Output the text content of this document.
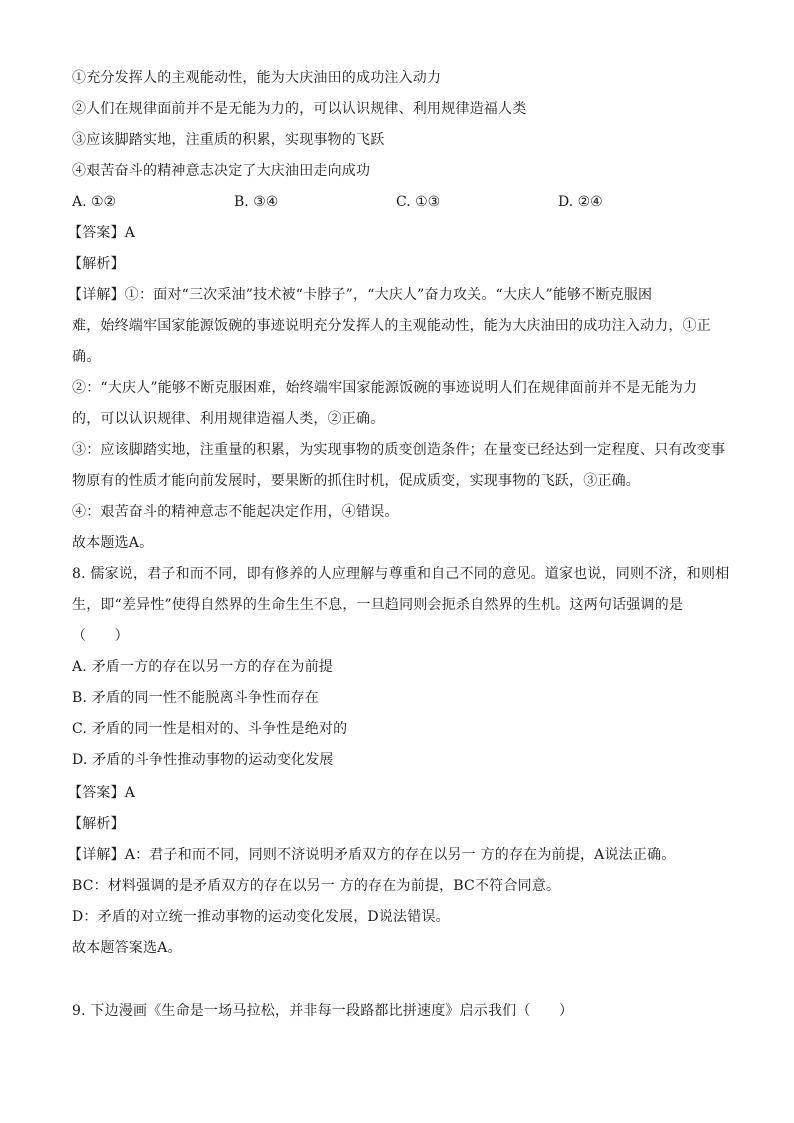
①充分发挥人的主观能动性，能为大庆油田的成功注入动力
②人们在规律面前并不是无能为力的，可以认识规律、利用规律造福人类
③应该脚踏实地，注重质的积累，实现事物的飞跃
④艰苦奋斗的精神意志决定了大庆油田走向成功
A. ①②	B. ③④	C. ①③	D. ②④
【答案】A
【解析】
【详解】①：面对“三次采油”技术被“卡脖子”，“大庆人”奋力攻关。“大庆人”能够不断克服困
难，始终端牢国家能源饭碗的事迹说明充分发挥人的主观能动性，能为大庆油田的成功注入动力，①正
确。
②：“大庆人”能够不断克服困难，始终端牢国家能源饭碗的事迹说明人们在规律面前并不是无能为力
的，可以认识规律、利用规律造福人类，②正确。
③：应该脚踏实地，注重量的积累，为实现事物的质变创造条件；在量变已经达到一定程度、只有改变事
物原有的性质才能向前发展时，要果断的抓住时机，促成质变，实现事物的飞跃，③正确。
④：艰苦奋斗的精神意志不能起决定作用，④错误。
故本题选A。
8. 儒家说，君子和而不同，即有修养的人应理解与尊重和自己不同的意见。道家也说，同则不济，和则相
生，即“差异性”使得自然界的生命生生不息，一旦趋同则会扼杀自然界的生机。这两句话强调的是
（　　）
A. 矛盾一方的存在以另一方的存在为前提
B. 矛盾的同一性不能脱离斗争性而存在
C. 矛盾的同一性是相对的、斗争性是绝对的
D. 矛盾的斗争性推动事物的运动变化发展
【答案】A
【解析】
【详解】A：君子和而不同，同则不济说明矛盾双方的存在以另一 方的存在为前提，A说法正确。
BC：材料强调的是矛盾双方的存在以另一 方的存在为前提，BC不符合同意。
D：矛盾的对立统一推动事物的运动变化发展，D说法错误。
故本题答案选A。
9. 下边漫画《生命是一场马拉松，并非每一段路都比拼速度》启示我们（　　）
